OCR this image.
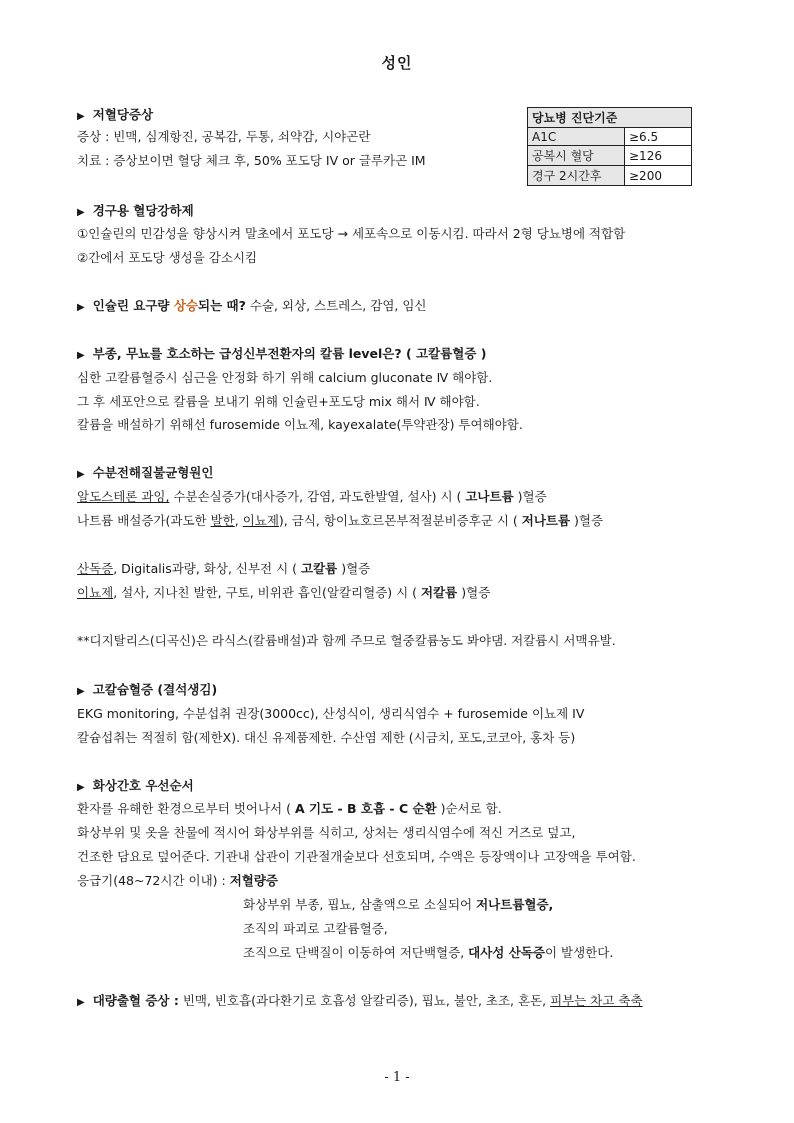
성인
당뇨병 진단기준	
A1C	≥6.5
공복시 혈당	≥126
경구 2시간후	≥200
▶ 저혈당증상
증상 : 빈맥, 심계항진, 공복감, 두통, 쇠약감, 시야곤란
치료 : 증상보이면 혈당 체크 후, 50% 포도당 IV or 글루카곤 IM
▶ 경구용 혈당강하제
①인슐린의 민감성을 향상시켜 말초에서 포도당 → 세포속으로 이동시킴. 따라서 2형 당뇨병에 적합함
②간에서 포도당 생성을 감소시킴
▶ 인슐린 요구량 상승되는 때? 수술, 외상, 스트레스, 감염, 임신
▶ 부종, 무뇨를 호소하는 급성신부전환자의 칼륨 level은? ( 고칼륨혈증 )
심한 고칼륨혈증시 심근을 안정화 하기 위해 calcium gluconate Ⅳ 해야함.
그 후 세포안으로 칼륨을 보내기 위해 인슐린+포도당 mix 해서 Ⅳ 해야함.
칼륨을 배설하기 위해선 furosemide 이뇨제, kayexalate(투약관장) 투여해야함.
▶ 수분전해질불균형원인
알도스테론 과잉, 수분손실증가(대사증가, 감염, 과도한발열, 설사) 시 ( 고나트륨 )혈증
나트륨 배설증가(과도한 발한, 이뇨제), 금식, 항이뇨호르몬부적절분비증후군 시 ( 저나트륨 )혈증
산독증, Digitalis과량, 화상, 신부전 시 ( 고칼륨 )혈증
이뇨제, 설사, 지나친 발한, 구토, 비위관 흡인(알칼리혈증) 시 ( 저칼륨 )혈증
**디지탈리스(디곡신)은 라식스(칼륨배설)과 함께 주므로 혈중칼륨농도 봐야댐. 저칼륨시 서맥유발.
▶ 고칼슘혈증 (결석생김)
EKG monitoring, 수분섭취 권장(3000cc), 산성식이, 생리식염수 + furosemide 이뇨제 IV
칼슘섭취는 적절히 함(제한X). 대신 유제품제한. 수산염 제한 (시금치, 포도,코코아, 홍차 등)
▶ 화상간호 우선순서
환자를 유해한 환경으로부터 벗어나서 ( A 기도 - B 호흡 - C 순환 )순서로 함.
화상부위 및 옷을 찬물에 적시어 화상부위를 식히고, 상처는 생리식염수에 적신 거즈로 덮고,
건조한 담요로 덮어준다. 기관내 삽관이 기관절개술보다 선호되며, 수액은 등장액이나 고장액을 투여함.
응급기(48~72시간 이내) : 저혈량증
화상부위 부종, 핍뇨, 삼출액으로 소실되어 저나트륨혈증,
조직의 파괴로 고칼륨혈증,
조직으로 단백질이 이동하여 저단백혈증, 대사성 산독증이 발생한다.
▶ 대량출혈 증상 : 빈맥, 빈호흡(과다환기로 호흡성 알칼리증), 핍뇨, 불안, 초조, 혼돈, 피부는 차고 축축
- 1 -
